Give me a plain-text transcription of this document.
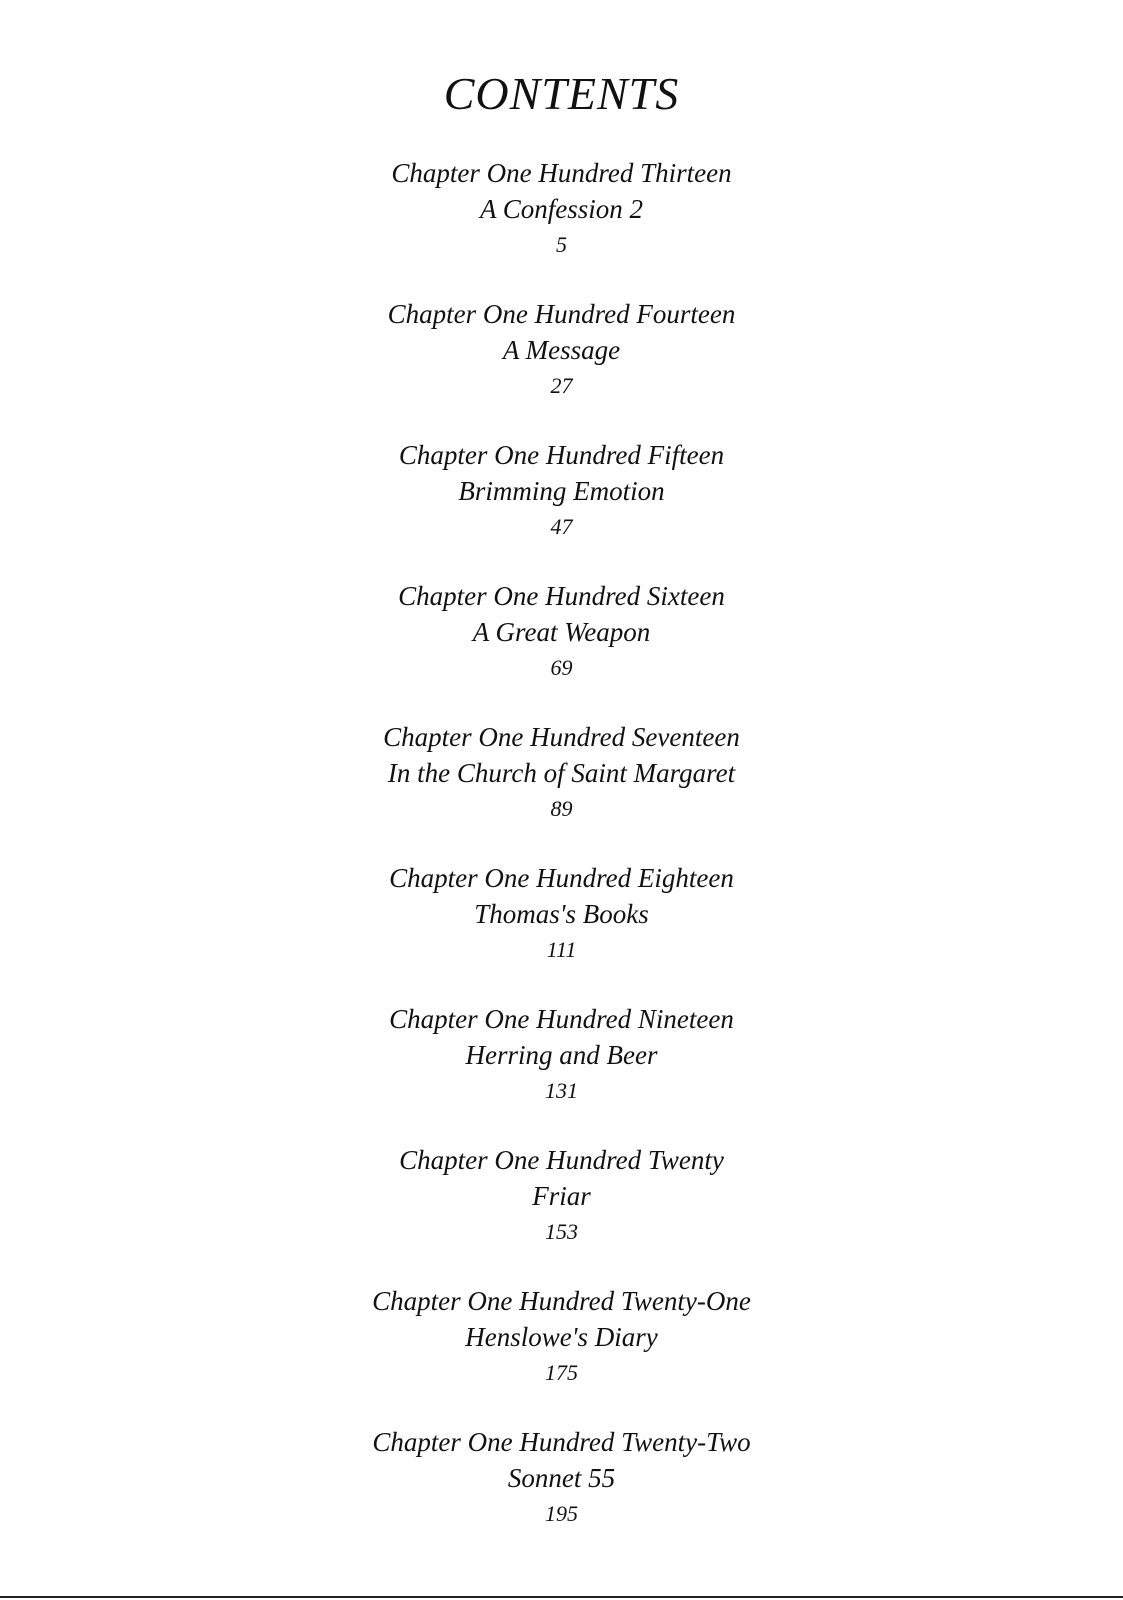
CONTENTS
Chapter One Hundred Thirteen
A Confession 2
5
Chapter One Hundred Fourteen
A Message
27
Chapter One Hundred Fifteen
Brimming Emotion
47
Chapter One Hundred Sixteen
A Great Weapon
69
Chapter One Hundred Seventeen
In the Church of Saint Margaret
89
Chapter One Hundred Eighteen
Thomas's Books
111
Chapter One Hundred Nineteen
Herring and Beer
131
Chapter One Hundred Twenty
Friar
153
Chapter One Hundred Twenty-One
Henslowe's Diary
175
Chapter One Hundred Twenty-Two
Sonnet 55
195
